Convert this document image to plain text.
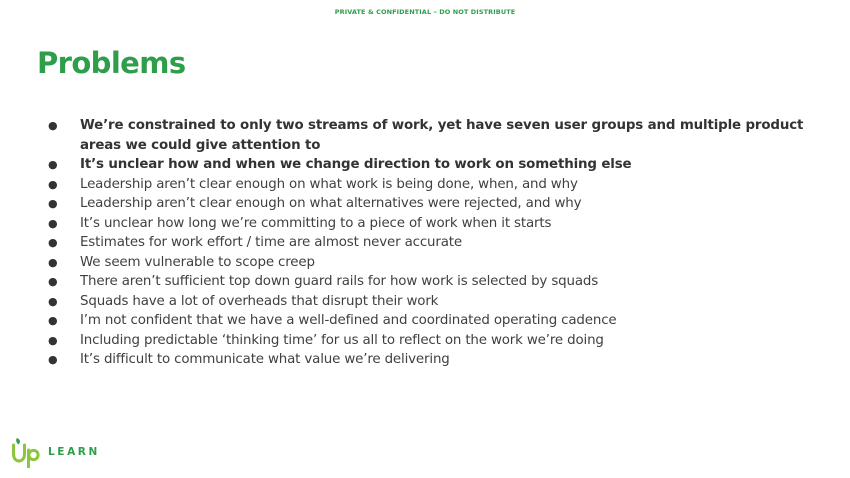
PRIVATE & CONFIDENTIAL – DO NOT DISTRIBUTE
Problems
●	We’re constrained to only two streams of work, yet have seven user groups and multiple product areas we could give attention to
●	It’s unclear how and when we change direction to work on something else
●	Leadership aren’t clear enough on what work is being done, when, and why
●	Leadership aren’t clear enough on what alternatives were rejected, and why
●	It’s unclear how long we’re committing to a piece of work when it starts
●	Estimates for work effort / time are almost never accurate
●	We seem vulnerable to scope creep
●	There aren’t sufficient top down guard rails for how work is selected by squads
●	Squads have a lot of overheads that disrupt their work
●	I’m not confident that we have a well-defined and coordinated operating cadence
●	Including predictable ‘thinking time’ for us all to reflect on the work we’re doing
●	It’s difficult to communicate what value we’re delivering
LEARN
